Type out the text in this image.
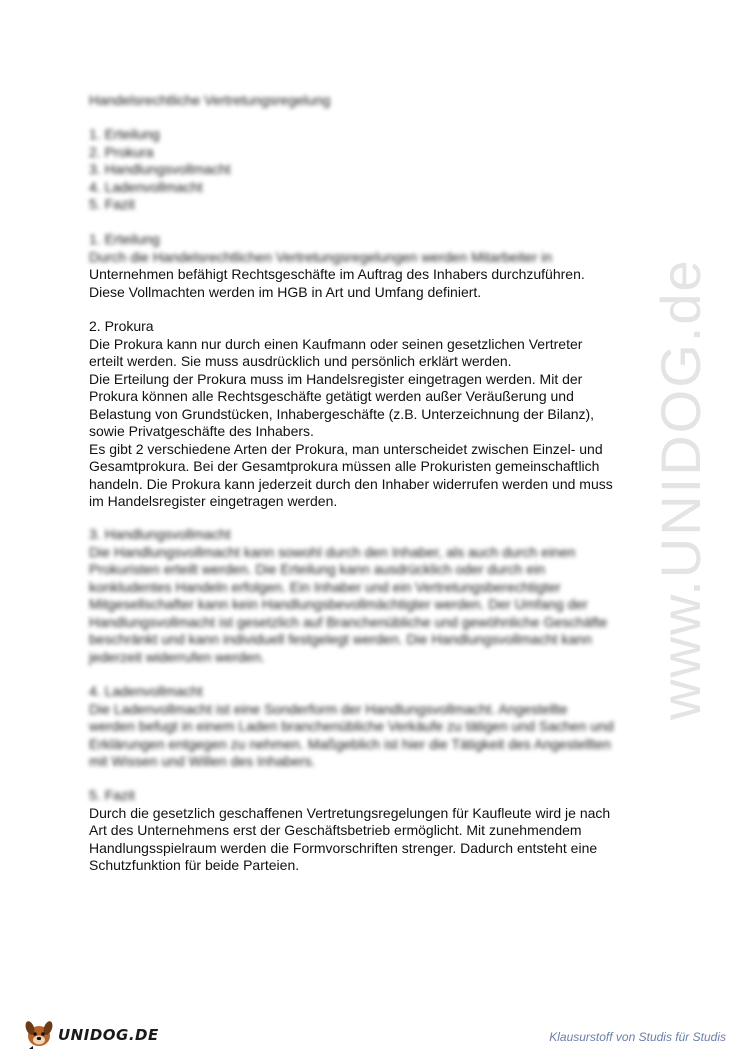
www.UNIDOG.de

Handelsrechtliche Vertretungsregelung

1. Erteilung
2. Prokura
3. Handlungsvollmacht
4. Ladenvollmacht
5. Fazit
1. Erteilung
Durch die Handelsrechtlichen Vertretungsregelungen werden Mitarbeiter in
Unternehmen befähigt Rechtsgeschäfte im Auftrag des Inhabers durchzuführen.
Diese Vollmachten werden im HGB in Art und Umfang definiert.
2. Prokura
Die Prokura kann nur durch einen Kaufmann oder seinen gesetzlichen Vertreter
erteilt werden. Sie muss ausdrücklich und persönlich erklärt werden.
Die Erteilung der Prokura muss im Handelsregister eingetragen werden. Mit der
Prokura können alle Rechtsgeschäfte getätigt werden außer Veräußerung und
Belastung von Grundstücken, Inhabergeschäfte (z.B. Unterzeichnung der Bilanz),
sowie Privatgeschäfte des Inhabers.
Es gibt 2 verschiedene Arten der Prokura, man unterscheidet zwischen Einzel- und
Gesamtprokura. Bei der Gesamtprokura müssen alle Prokuristen gemeinschaftlich
handeln. Die Prokura kann jederzeit durch den Inhaber widerrufen werden und muss
im Handelsregister eingetragen werden.
3. Handlungsvollmacht
Die Handlungsvollmacht kann sowohl durch den Inhaber, als auch durch einen
Prokuristen erteilt werden. Die Erteilung kann ausdrücklich oder durch ein
konkludentes Handeln erfolgen. Ein Inhaber und ein Vertretungsberechtigter
Mitgesellschafter kann kein Handlungsbevollmächtigter werden. Der Umfang der
Handlungsvollmacht ist gesetzlich auf Branchenübliche und gewöhnliche Geschäfte
beschränkt und kann individuell festgelegt werden. Die Handlungsvollmacht kann
jederzeit widerrufen werden.
4. Ladenvollmacht
Die Ladenvollmacht ist eine Sonderform der Handlungsvollmacht. Angestellte
werden befugt in einem Laden branchenübliche Verkäufe zu tätigen und Sachen und
Erklärungen entgegen zu nehmen. Maßgeblich ist hier die Tätigkeit des Angestellten
mit Wissen und Willen des Inhabers.
5. Fazit
Durch die gesetzlich geschaffenen Vertretungsregelungen für Kaufleute wird je nach
Art des Unternehmens erst der Geschäftsbetrieb ermöglicht. Mit zunehmendem
Handlungsspielraum werden die Formvorschriften strenger. Dadurch entsteht eine
Schutzfunktion für beide Parteien.
UNIDOG.DE	Klausurstoff von Studis für Studis
